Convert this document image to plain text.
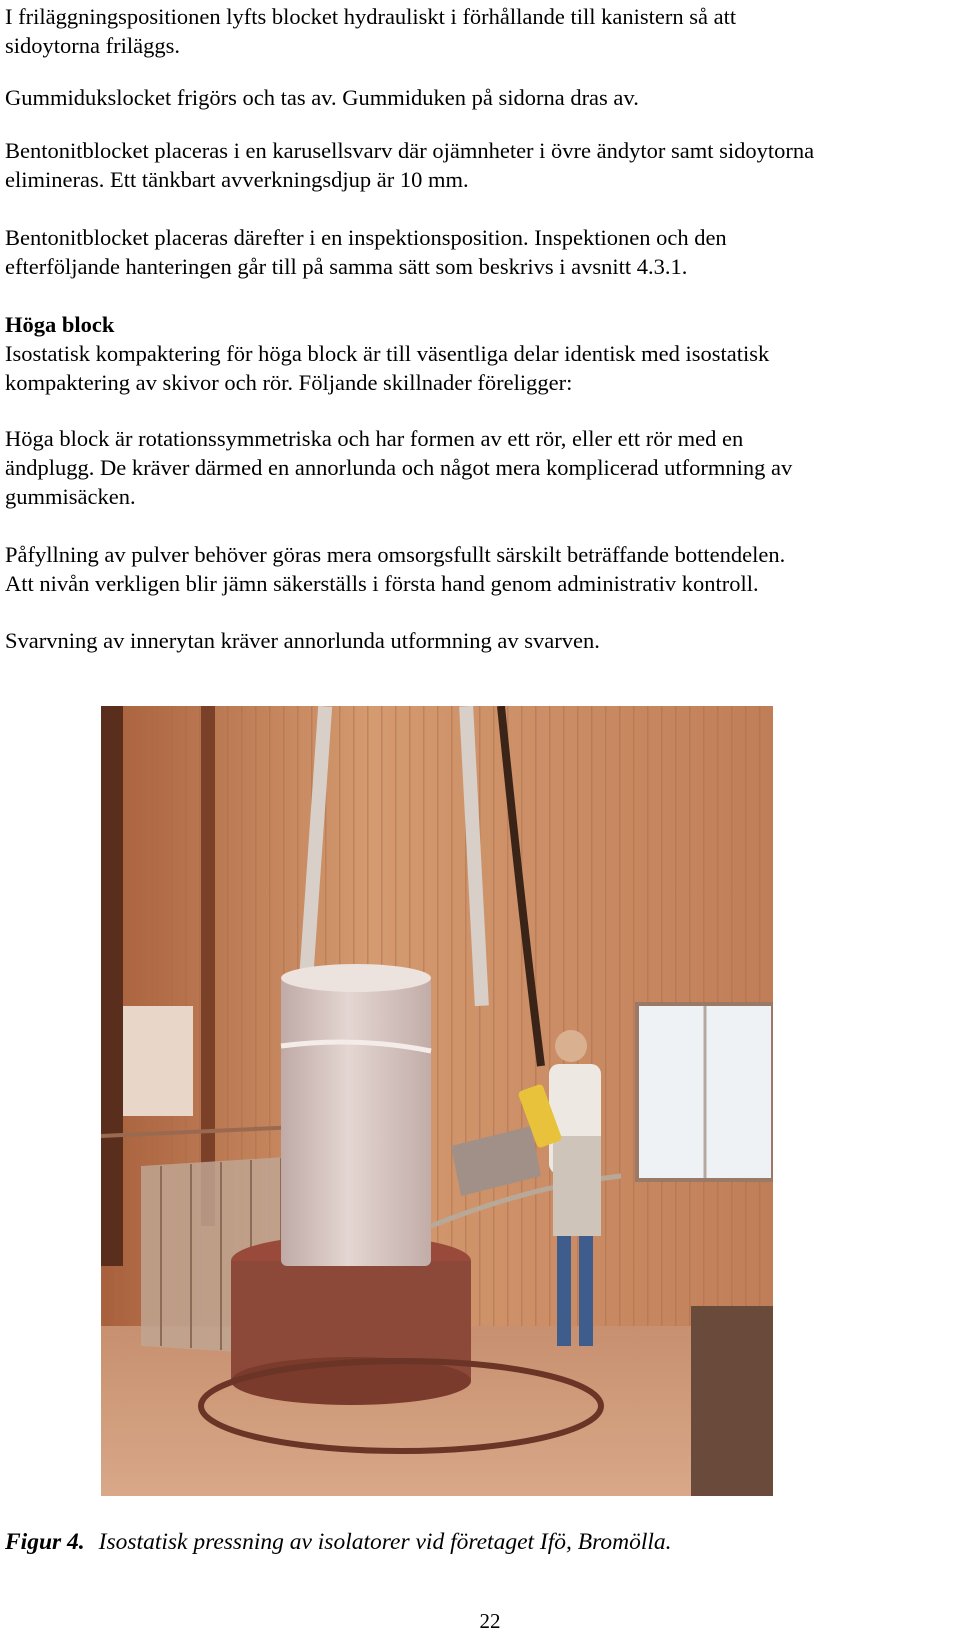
I friläggningspositionen lyfts blocket hydrauliskt i förhållande till kanistern så att
sidoytorna friläggs.

Gummidukslocket frigörs och tas av. Gummiduken på sidorna dras av.

Bentonitblocket placeras i en karusellsvarv där ojämnheter i övre ändytor samt sidoytorna
elimineras. Ett tänkbart avverkningsdjup är 10 mm.

Bentonitblocket placeras därefter i en inspektionsposition. Inspektionen och den
efterföljande hanteringen går till på samma sätt som beskrivs i avsnitt 4.3.1.

Höga block
Isostatisk kompaktering för höga block är till väsentliga delar identisk med isostatisk
kompaktering av skivor och rör. Följande skillnader föreligger:

Höga block är rotationssymmetriska och har formen av ett rör, eller ett rör med en
ändplugg. De kräver därmed en annorlunda och något mera komplicerad utformning av
gummisäcken.

Påfyllning av pulver behöver göras mera omsorgsfullt särskilt beträffande bottendelen.
Att nivån verkligen blir jämn säkerställs i första hand genom administrativ kontroll.

Svarvning av innerytan kräver annorlunda utformning av svarven.

Figur 4. Isostatisk pressning av isolatorer vid företaget Ifö, Bromölla.
22
